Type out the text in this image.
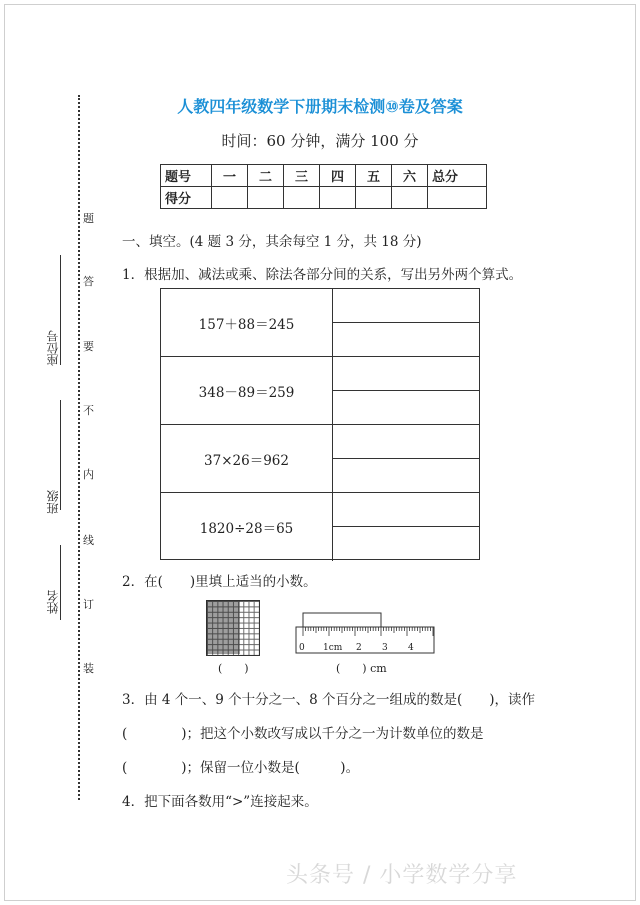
题
答
要
不
内
线
订
装
姓名
班级
座位号
人教四年级数学下册期末检测⑩卷及答案
时间：60 分钟，满分 100 分
题号	一	二	三	四	五	六	总分
得分							
一、填空。(4 题 3 分，其余每空 1 分，共 18 分)
1．根据加、减法或乘、除法各部分间的关系，写出另外两个算式。
157＋88＝245
348－89＝259
37×26＝962
1820÷28＝65
2．在(　　)里填上适当的小数。
(　　)
0 1cm 2 3 4
(　　) cm
3．由 4 个一、9 个十分之一、8 个百分之一组成的数是(　　)，读作
(　　　　)；把这个小数改写成以千分之一为计数单位的数是
(　　　　)；保留一位小数是(　　　)。
4．把下面各数用“>”连接起来。
头条号 / 小学数学分享
